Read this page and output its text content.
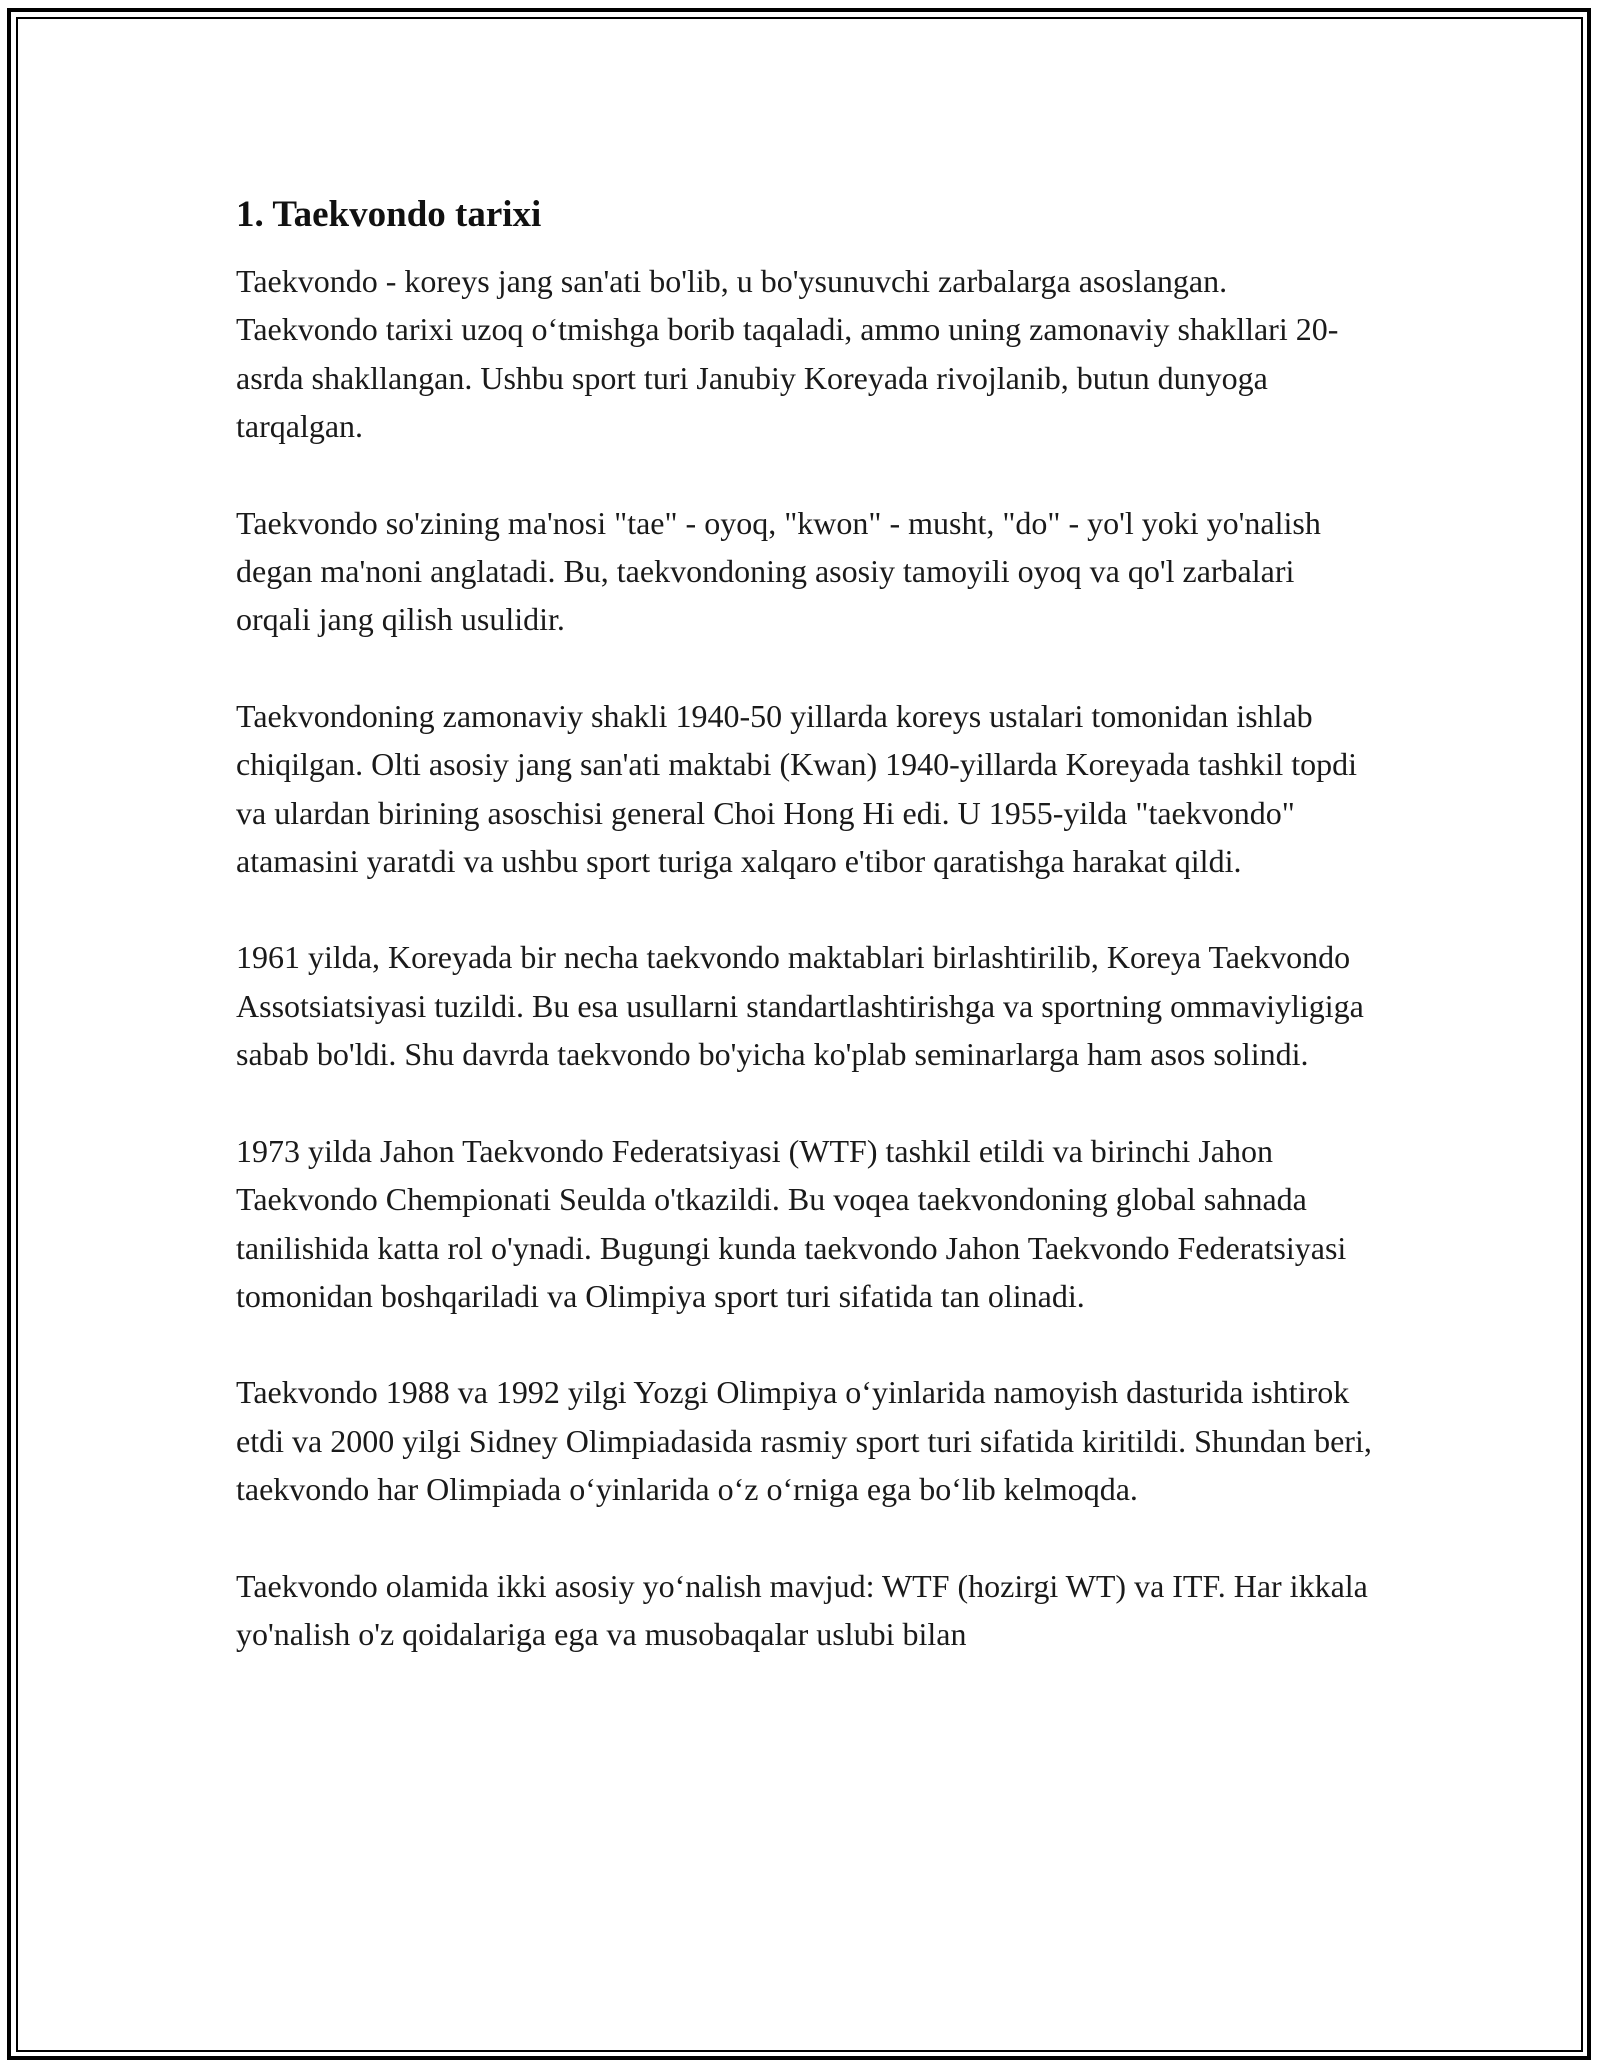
1. Taekvondo tarixi

Taekvondo - koreys jang san'ati bo'lib, u bo'ysunuvchi zarbalarga asoslangan. Taekvondo tarixi uzoq o‘tmishga borib taqaladi, ammo uning zamonaviy shakllari 20-asrda shakllangan. Ushbu sport turi Janubiy Koreyada rivojlanib, butun dunyoga tarqalgan.

Taekvondo so'zining ma'nosi "tae" - oyoq, "kwon" - musht, "do" - yo'l yoki yo'nalish degan ma'noni anglatadi. Bu, taekvondoning asosiy tamoyili oyoq va qo'l zarbalari orqali jang qilish usulidir.

Taekvondoning zamonaviy shakli 1940-50 yillarda koreys ustalari tomonidan ishlab chiqilgan. Olti asosiy jang san'ati maktabi (Kwan) 1940-yillarda Koreyada tashkil topdi va ulardan birining asoschisi general Choi Hong Hi edi. U 1955-yilda "taekvondo" atamasini yaratdi va ushbu sport turiga xalqaro e'tibor qaratishga harakat qildi.

1961 yilda, Koreyada bir necha taekvondo maktablari birlashtirilib, Koreya Taekvondo Assotsiatsiyasi tuzildi. Bu esa usullarni standartlashtirishga va sportning ommaviyligiga sabab bo'ldi. Shu davrda taekvondo bo'yicha ko'plab seminarlarga ham asos solindi.

1973 yilda Jahon Taekvondo Federatsiyasi (WTF) tashkil etildi va birinchi Jahon Taekvondo Chempionati Seulda o'tkazildi. Bu voqea taekvondoning global sahnada tanilishida katta rol o'ynadi. Bugungi kunda taekvondo Jahon Taekvondo Federatsiyasi tomonidan boshqariladi va Olimpiya sport turi sifatida tan olinadi.

Taekvondo 1988 va 1992 yilgi Yozgi Olimpiya o‘yinlarida namoyish dasturida ishtirok etdi va 2000 yilgi Sidney Olimpiadasida rasmiy sport turi sifatida kiritildi. Shundan beri, taekvondo har Olimpiada o‘yinlarida o‘z o‘rniga ega bo‘lib kelmoqda.

Taekvondo olamida ikki asosiy yo‘nalish mavjud: WTF (hozirgi WT) va ITF. Har ikkala yo'nalish o'z qoidalariga ega va musobaqalar uslubi bilan
